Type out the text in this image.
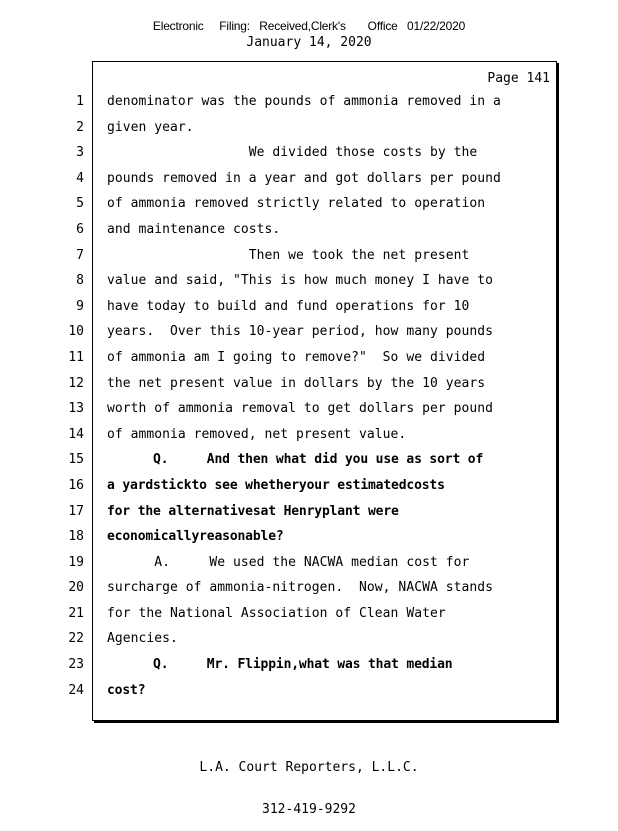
Electronic     Filing:   Received,Clerk's       Office   01/22/2020
January 14, 2020
Page 141
1
2
3
4
5
6
7
8
9
10
11
12
13
14
15
16
17
18
19
20
21
22
23
24
denominator was the pounds of ammonia removed in a
given year.
We divided those costs by the
pounds removed in a year and got dollars per pound
of ammonia removed strictly related to operation
and maintenance costs.
Then we took the net present
value and said, "This is how much money I have to
have today to build and fund operations for 10
years.  Over this 10-year period, how many pounds
of ammonia am I going to remove?"  So we divided
the net present value in dollars by the 10 years
worth of ammonia removal to get dollars per pound
of ammonia removed, net present value.
Q.     And then what did you use as sort of
a yardstickto see whetheryour estimatedcosts
for the alternativesat Henryplant were
economicallyreasonable?
A.     We used the NACWA median cost for
surcharge of ammonia-nitrogen.  Now, NACWA stands
for the National Association of Clean Water
Agencies.
Q.     Mr. Flippin,what was that median
cost?

L.A. Court Reporters, L.L.C.

312-419-9292
